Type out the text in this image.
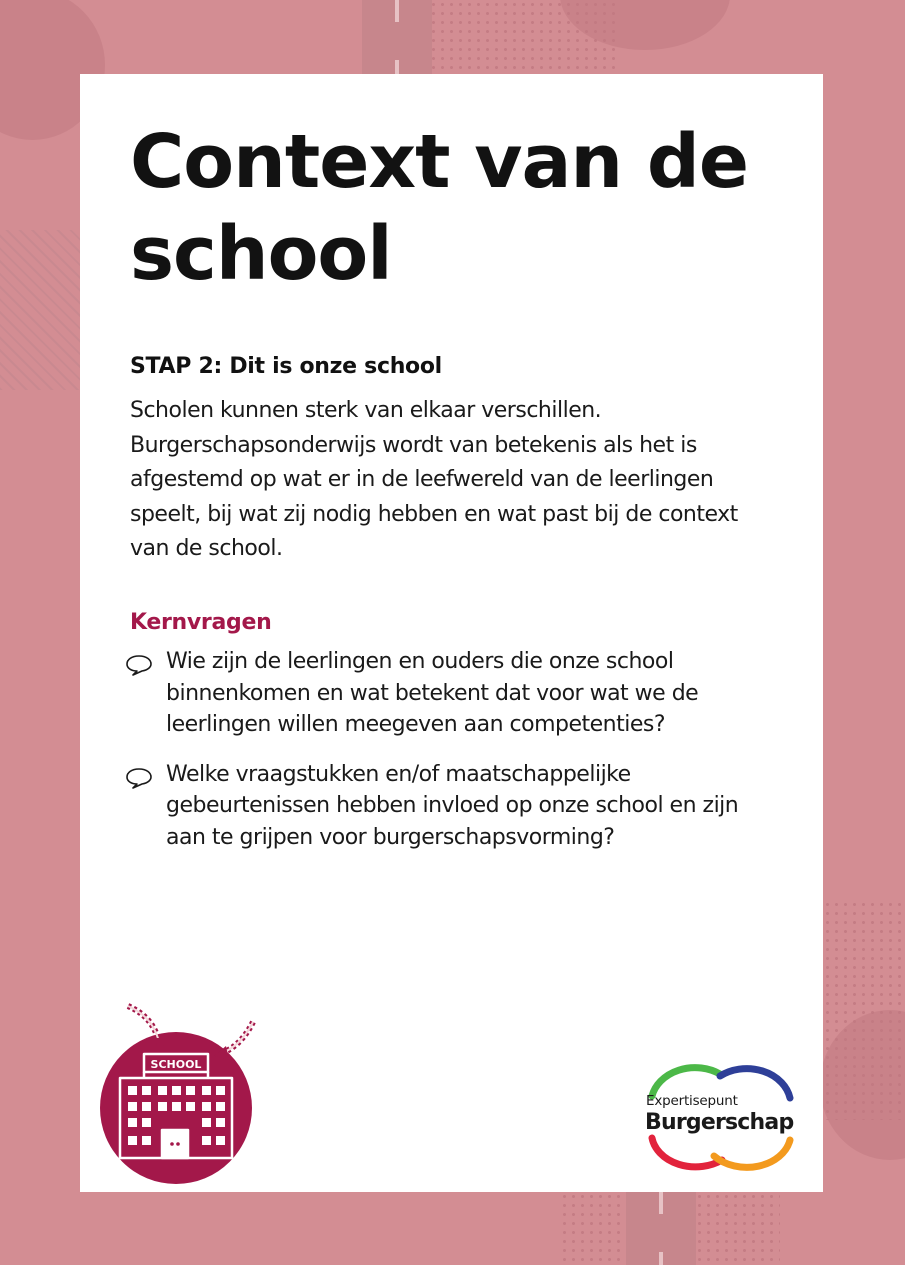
Context van de school
STAP 2: Dit is onze school

Scholen kunnen sterk van elkaar verschillen. Burgerschapsonderwijs wordt van betekenis als het is afgestemd op wat er in de leefwereld van de leerlingen speelt, bij wat zij nodig hebben en wat past bij de context van de school.

Kernvragen
Wie zijn de leerlingen en ouders die onze school binnenkomen en wat betekent dat voor wat we de leerlingen willen meegeven aan competenties?
Welke vraagstukken en/of maatschappelijke gebeurtenissen hebben invloed op onze school en zijn aan te grijpen voor burgerschapsvorming?
SCHOOL
Expertisepunt
Burgerschap
